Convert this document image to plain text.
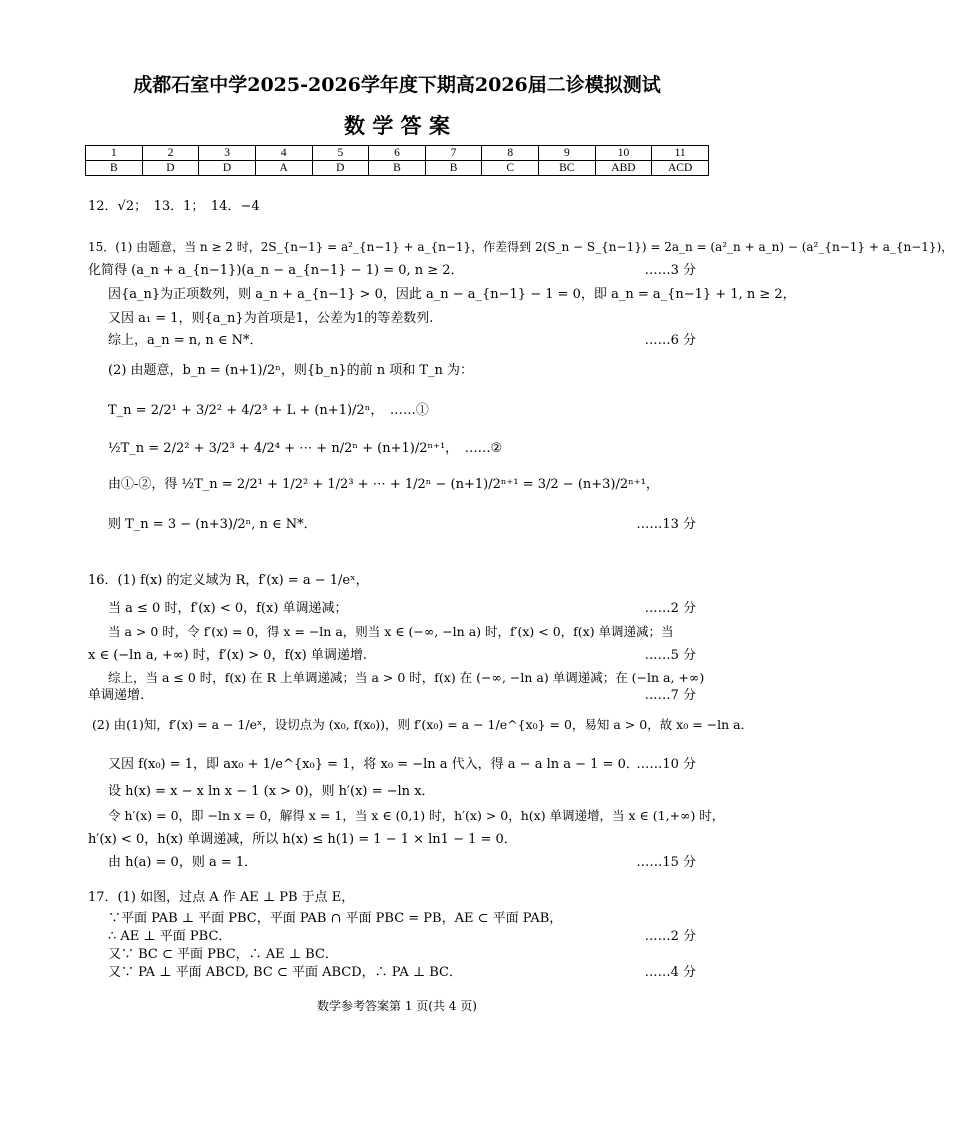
成都石室中学2025-2026学年度下期高2026届二诊模拟测试
数 学 答 案
1	2	3	4	5	6	7	8	9	10	11
B	D	D	A	D	B	B	C	BC	ABD	ACD
12．√2；　13．1；　14．−4
15．(1) 由题意，当 n ≥ 2 时，2S_{n−1} = a²_{n−1} + a_{n−1}，作差得到 2(S_n − S_{n−1}) = 2a_n = (a²_n + a_n) − (a²_{n−1} + a_{n−1})，
化简得 (a_n + a_{n−1})(a_n − a_{n−1} − 1) = 0, n ≥ 2．	……3 分
因{a_n}为正项数列，则 a_n + a_{n−1} > 0，因此 a_n − a_{n−1} − 1 = 0，即 a_n = a_{n−1} + 1, n ≥ 2，
又因 a₁ = 1，则{a_n}为首项是1，公差为1的等差数列.
综上，a_n = n, n ∈ N*．	……6 分
(2) 由题意，b_n = (n+1)/2ⁿ，则{b_n}的前 n 项和 T_n 为：
T_n = 2/2¹ + 3/2² + 4/2³ + L + (n+1)/2ⁿ，　……①
½T_n = 2/2² + 3/2³ + 4/2⁴ + ⋯ + n/2ⁿ + (n+1)/2ⁿ⁺¹，　……②
由①-②，得 ½T_n = 2/2¹ + 1/2² + 1/2³ + ⋯ + 1/2ⁿ − (n+1)/2ⁿ⁺¹ = 3/2 − (n+3)/2ⁿ⁺¹，
则 T_n = 3 − (n+3)/2ⁿ, n ∈ N*．	……13 分
16．(1) f(x) 的定义域为 R，f′(x) = a − 1/eˣ，
当 a ≤ 0 时，f′(x) < 0，f(x) 单调递减；	……2 分
当 a > 0 时，令 f′(x) = 0，得 x = −ln a，则当 x ∈ (−∞, −ln a) 时，f′(x) < 0，f(x) 单调递减；当
x ∈ (−ln a, +∞) 时，f′(x) > 0，f(x) 单调递增.	……5 分
综上，当 a ≤ 0 时，f(x) 在 R 上单调递减；当 a > 0 时，f(x) 在 (−∞, −ln a) 单调递减；在 (−ln a, +∞)
单调递增.	……7 分
(2) 由(1)知，f′(x) = a − 1/eˣ，设切点为 (x₀, f(x₀))，则 f′(x₀) = a − 1/e^{x₀} = 0，易知 a > 0，故 x₀ = −ln a．
又因 f(x₀) = 1，即 ax₀ + 1/e^{x₀} = 1，将 x₀ = −ln a 代入，得 a − a ln a − 1 = 0．
……10 分
设 h(x) = x − x ln x − 1 (x > 0)，则 h′(x) = −ln x．
令 h′(x) = 0，即 −ln x = 0，解得 x = 1，当 x ∈ (0,1) 时，h′(x) > 0，h(x) 单调递增，当 x ∈ (1,+∞) 时，
h′(x) < 0，h(x) 单调递减，所以 h(x) ≤ h(1) = 1 − 1 × ln1 − 1 = 0．
由 h(a) = 0，则 a = 1．	……15 分
17．(1) 如图，过点 A 作 AE ⊥ PB 于点 E，
∵平面 PAB ⊥ 平面 PBC，平面 PAB ∩ 平面 PBC = PB，AE ⊂ 平面 PAB，
∴ AE ⊥ 平面 PBC．	……2 分
又∵ BC ⊂ 平面 PBC，∴ AE ⊥ BC．
又∵ PA ⊥ 平面 ABCD, BC ⊂ 平面 ABCD，∴ PA ⊥ BC．	……4 分
数学参考答案第 1 页(共 4 页)
